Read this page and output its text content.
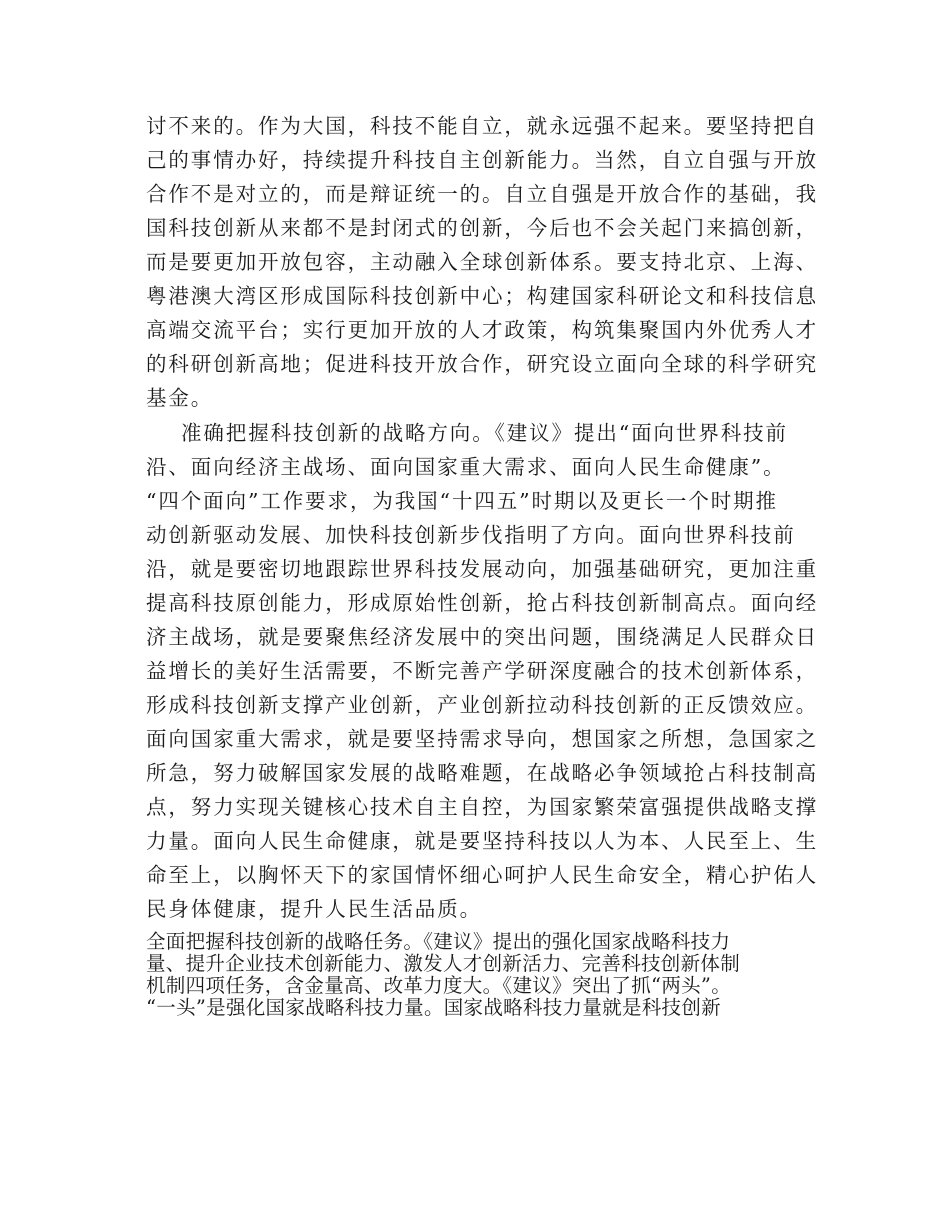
讨不来的。作为大国，科技不能自立，就永远强不起来。要坚持把自

己的事情办好，持续提升科技自主创新能力。当然，自立自强与开放

合作不是对立的，而是辩证统一的。自立自强是开放合作的基础，我

国科技创新从来都不是封闭式的创新，今后也不会关起门来搞创新，

而是要更加开放包容，主动融入全球创新体系。要支持北京、上海、

粤港澳大湾区形成国际科技创新中心；构建国家科研论文和科技信息

高端交流平台；实行更加开放的人才政策，构筑集聚国内外优秀人才

的科研创新高地；促进科技开放合作，研究设立面向全球的科学研究

基金。

准确把握科技创新的战略方向。《建议》提出“面向世界科技前

沿、面向经济主战场、面向国家重大需求、面向人民生命健康”。

“四个面向”工作要求，为我国“十四五”时期以及更长一个时期推

动创新驱动发展、加快科技创新步伐指明了方向。面向世界科技前

沿，就是要密切地跟踪世界科技发展动向，加强基础研究，更加注重

提高科技原创能力，形成原始性创新，抢占科技创新制高点。面向经

济主战场，就是要聚焦经济发展中的突出问题，围绕满足人民群众日

益增长的美好生活需要，不断完善产学研深度融合的技术创新体系，

形成科技创新支撑产业创新，产业创新拉动科技创新的正反馈效应。

面向国家重大需求，就是要坚持需求导向，想国家之所想，急国家之

所急，努力破解国家发展的战略难题，在战略必争领域抢占科技制高

点，努力实现关键核心技术自主自控，为国家繁荣富强提供战略支撑

力量。面向人民生命健康，就是要坚持科技以人为本、人民至上、生

命至上，以胸怀天下的家国情怀细心呵护人民生命安全，精心护佑人

民身体健康，提升人民生活品质。

全面把握科技创新的战略任务。《建议》提出的强化国家战略科技力

量、提升企业技术创新能力、激发人才创新活力、完善科技创新体制

机制四项任务，含金量高、改革力度大。《建议》突出了抓“两头”。

“一头”是强化国家战略科技力量。国家战略科技力量就是科技创新
